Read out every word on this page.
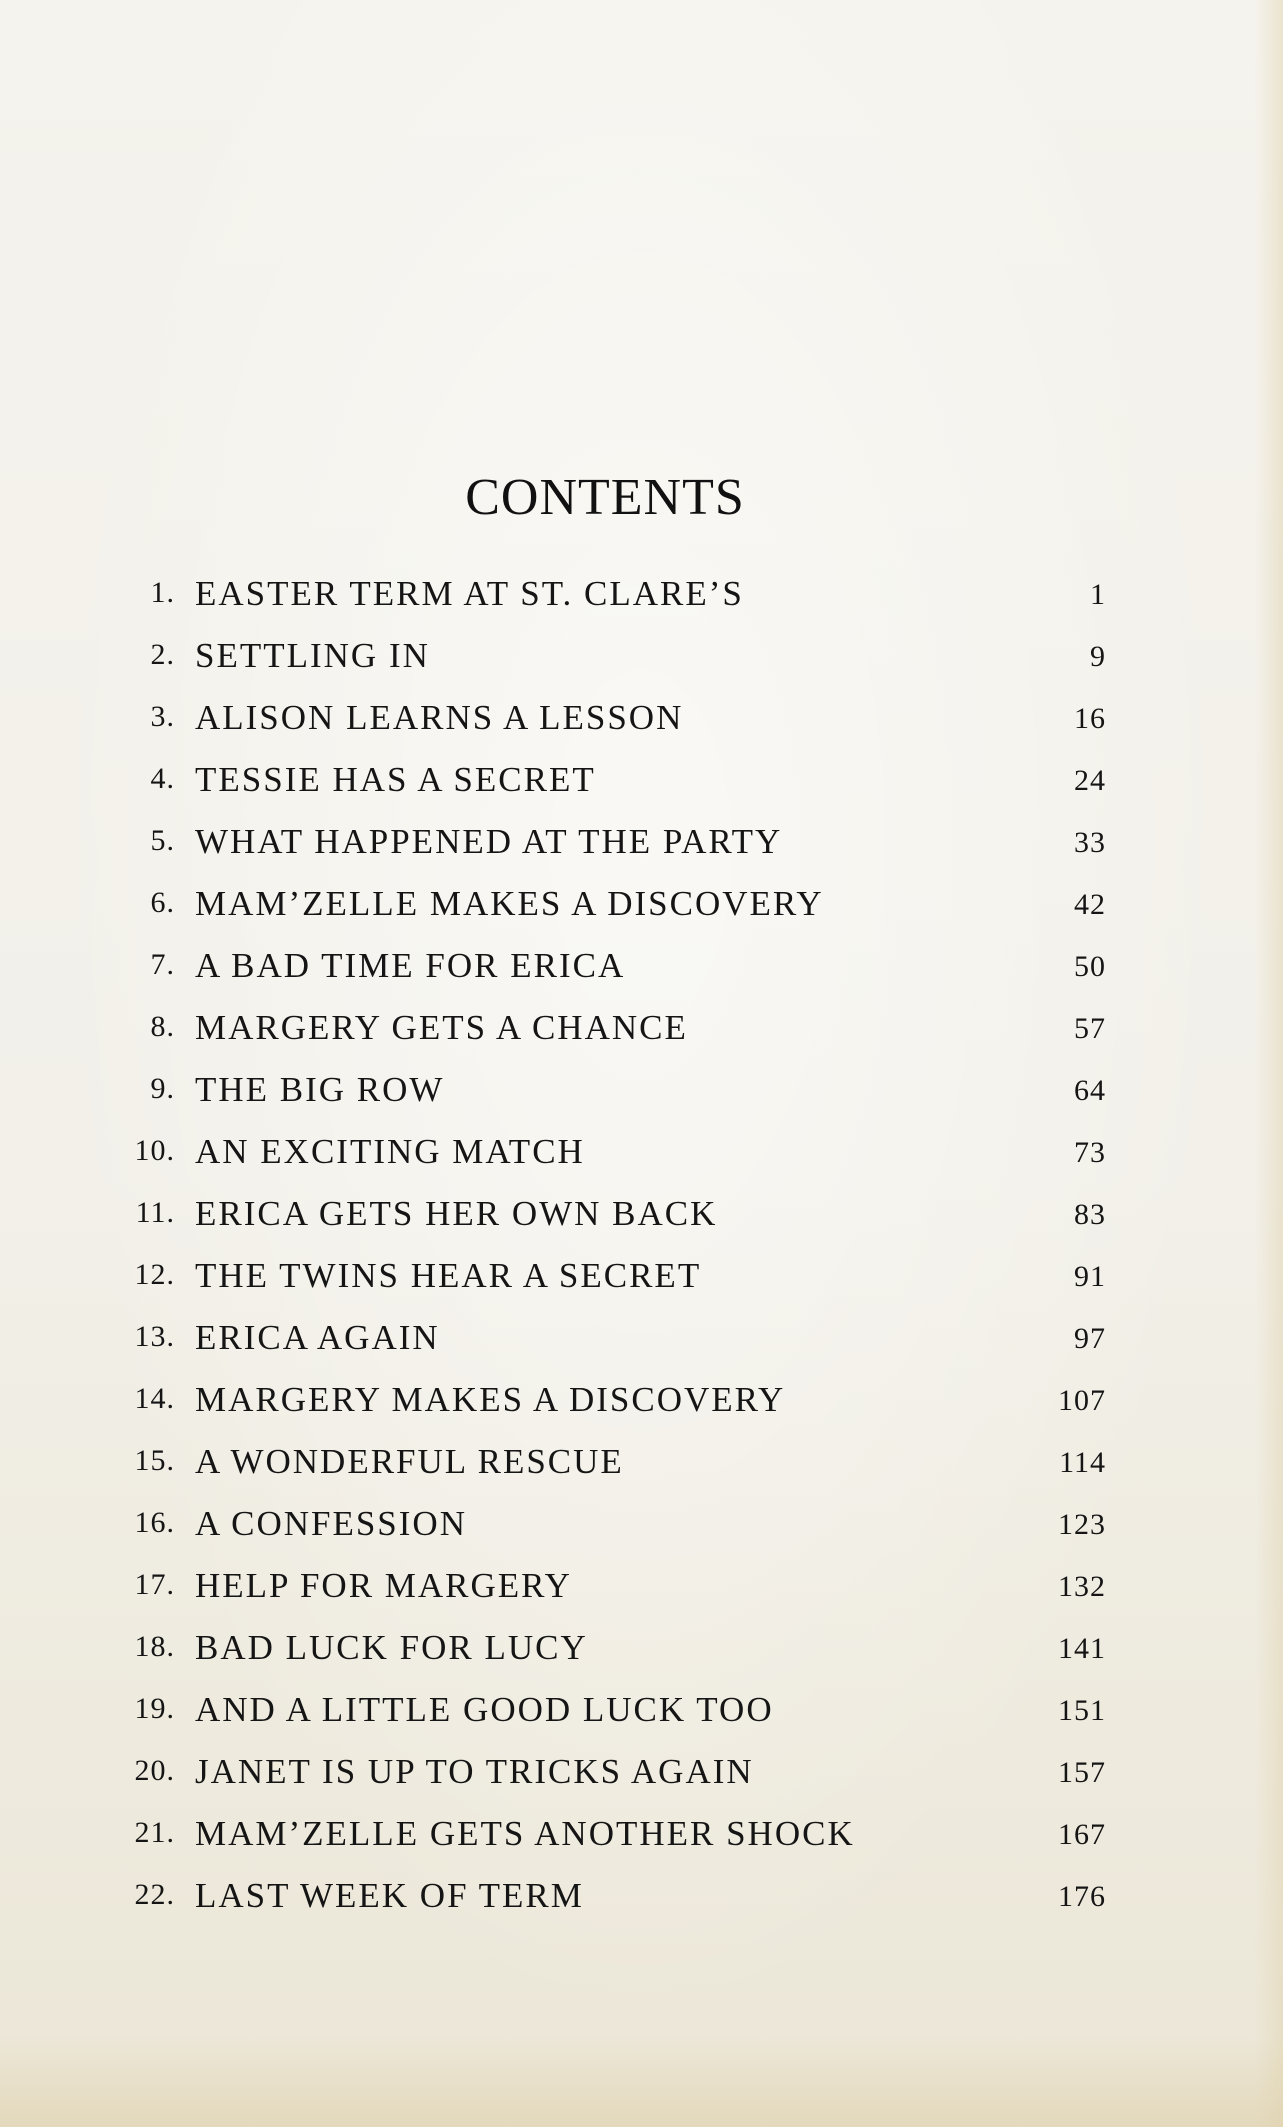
CONTENTS
1. EASTER TERM AT ST. CLARE’S	1
2. SETTLING IN	9
3. ALISON LEARNS A LESSON	16
4. TESSIE HAS A SECRET	24
5. WHAT HAPPENED AT THE PARTY	33
6. MAM’ZELLE MAKES A DISCOVERY	42
7. A BAD TIME FOR ERICA	50
8. MARGERY GETS A CHANCE	57
9. THE BIG ROW	64
10. AN EXCITING MATCH	73
11. ERICA GETS HER OWN BACK	83
12. THE TWINS HEAR A SECRET	91
13. ERICA AGAIN	97
14. MARGERY MAKES A DISCOVERY	107
15. A WONDERFUL RESCUE	114
16. A CONFESSION	123
17. HELP FOR MARGERY	132
18. BAD LUCK FOR LUCY	141
19. AND A LITTLE GOOD LUCK TOO	151
20. JANET IS UP TO TRICKS AGAIN	157
21. MAM’ZELLE GETS ANOTHER SHOCK	167
22. LAST WEEK OF TERM	176
